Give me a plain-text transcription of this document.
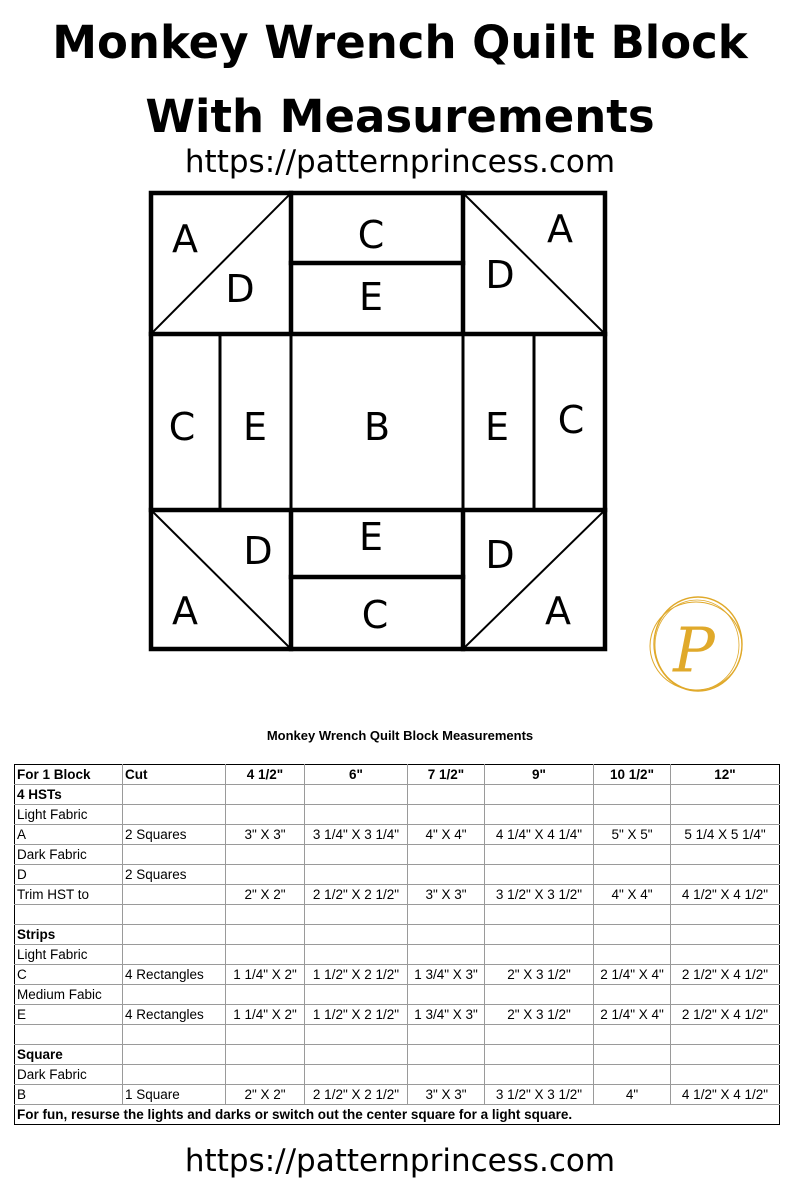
Monkey Wrench Quilt Block
With Measurements
https://patternprincess.com
A
D
C
E
A
D
C E	B E C
D
A
E
C
D
A
P
Monkey Wrench Quilt Block Measurements
For 1 Block	Cut	4 1/2"	6"	7 1/2"	9"	10 1/2"	12"
4 HSTs							
Light Fabric							
A	2 Squares	3" X 3"	3 1/4" X 3 1/4"	4" X 4"	4 1/4" X 4 1/4"	5" X 5"	5 1/4 X 5 1/4"
Dark Fabric							
D	2 Squares						
Trim HST to		2" X 2"	2 1/2" X 2 1/2"	3" X 3"	3 1/2" X 3 1/2"	4" X 4"	4 1/2" X 4 1/2"

Strips							
Light Fabric							
C	4 Rectangles	1 1/4" X 2"	1 1/2" X 2 1/2"	1 3/4" X 3"	2" X 3 1/2"	2 1/4" X 4"	2 1/2" X 4 1/2"
Medium Fabic							
E	4 Rectangles	1 1/4" X 2"	1 1/2" X 2 1/2"	1 3/4" X 3"	2" X 3 1/2"	2 1/4" X 4"	2 1/2" X 4 1/2"

Square							
Dark Fabric							
B	1 Square	2" X 2"	2 1/2" X 2 1/2"	3" X 3"	3 1/2" X 3 1/2"	4"	4 1/2" X 4 1/2"
For fun, resurse the lights and darks or switch out the center square for a light square.							
https://patternprincess.com
